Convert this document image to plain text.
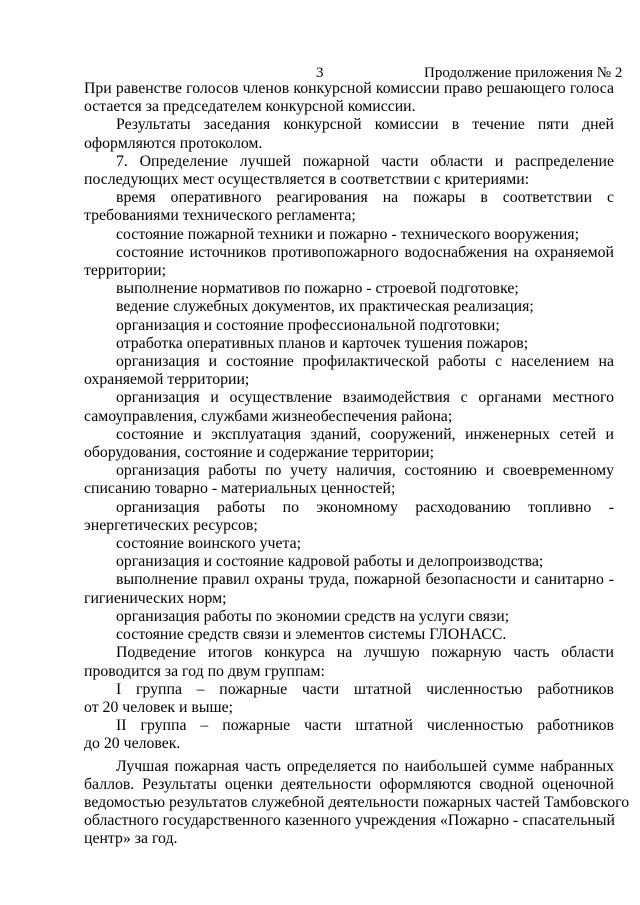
3	Продолжение приложения № 2
При равенстве голосов членов конкурсной комиссии право решающего голоса
остается за председателем конкурсной комиссии.
Результаты заседания конкурсной комиссии в течение пяти дней
оформляются протоколом.
7. Определение лучшей пожарной части области и распределение
последующих мест осуществляется в соответствии с критериями:
время оперативного реагирования на пожары в соответствии с
требованиями технического регламента;
состояние пожарной техники и пожарно - технического вооружения;
состояние источников противопожарного водоснабжения на охраняемой
территории;
выполнение нормативов по пожарно - строевой подготовке;
ведение служебных документов, их практическая реализация;
организация и состояние профессиональной подготовки;
отработка оперативных планов и карточек тушения пожаров;
организация и состояние профилактической работы с населением на
охраняемой территории;
организация и осуществление взаимодействия с органами местного
самоуправления, службами жизнеобеспечения района;
состояние и эксплуатация зданий, сооружений, инженерных сетей и
оборудования, состояние и содержание территории;
организация работы по учету наличия, состоянию и своевременному
списанию товарно - материальных ценностей;
организация работы по экономному расходованию топливно -
энергетических ресурсов;
состояние воинского учета;
организация и состояние кадровой работы и делопроизводства;
выполнение правил охраны труда, пожарной безопасности и санитарно -
гигиенических норм;
организация работы по экономии средств на услуги связи;
состояние средств связи и элементов системы ГЛОНАСС.
Подведение итогов конкурса на лучшую пожарную часть области
проводится за год по двум группам:
I группа – пожарные части штатной численностью работников
от 20 человек и выше;
II группа – пожарные части штатной численностью работников
до 20 человек.
Лучшая пожарная часть определяется по наибольшей сумме набранных
баллов. Результаты оценки деятельности оформляются сводной оценочной
ведомостью результатов служебной деятельности пожарных частей Тамбовского
областного государственного казенного учреждения «Пожарно - спасательный
центр» за год.
